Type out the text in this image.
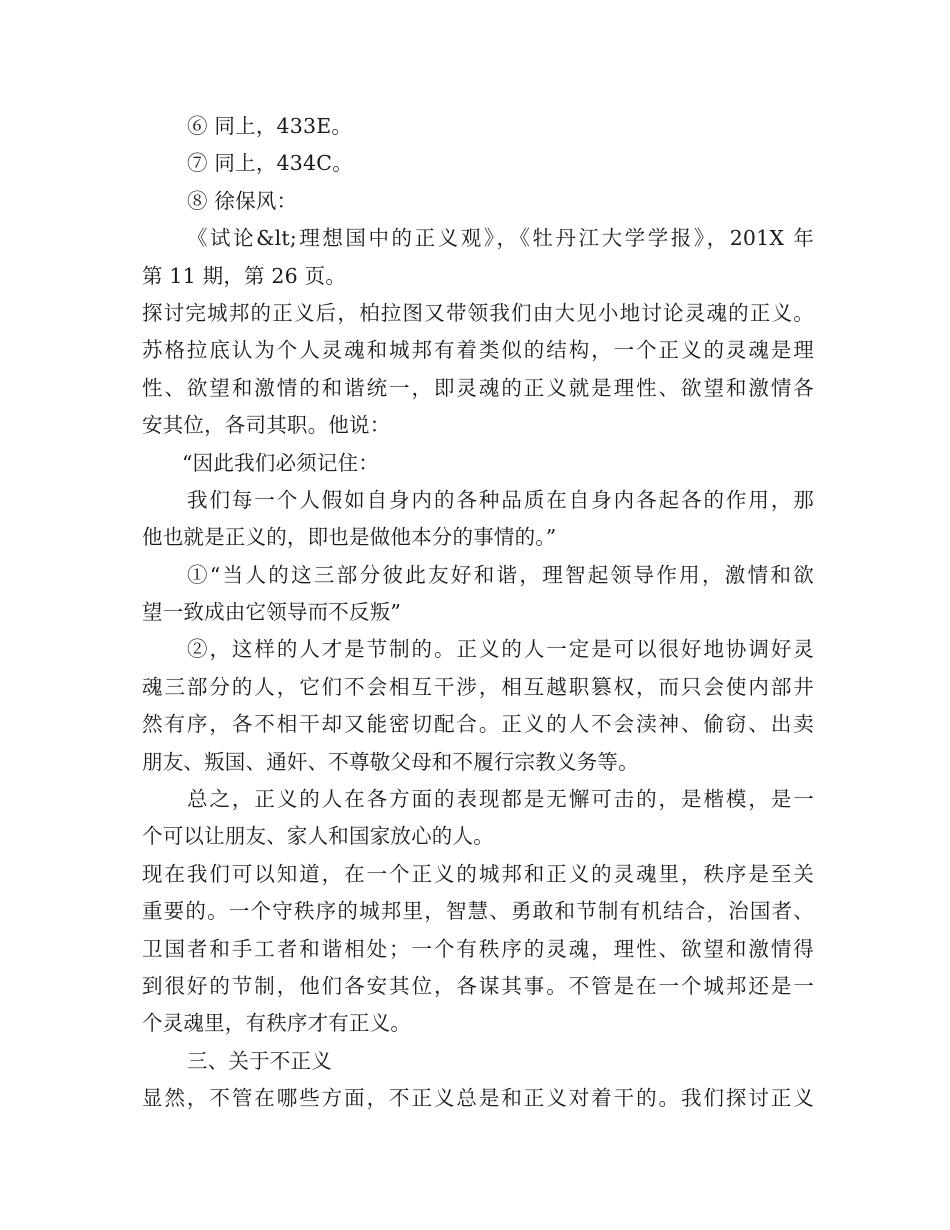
⑥ 同上，433E。
⑦ 同上，434C。
⑧ 徐保风：
《试论&lt;理想国中的正义观》，《牡丹江大学学报》，201X 年
第 11 期，第 26 页。
探讨完城邦的正义后，柏拉图又带领我们由大见小地讨论灵魂的正义。
苏格拉底认为个人灵魂和城邦有着类似的结构，一个正义的灵魂是理
性、欲望和激情的和谐统一，即灵魂的正义就是理性、欲望和激情各
安其位，各司其职。他说：
“因此我们必须记住：
我们每一个人假如自身内的各种品质在自身内各起各的作用，那
他也就是正义的，即也是做他本分的事情的。”
①“当人的这三部分彼此友好和谐，理智起领导作用，激情和欲
望一致成由它领导而不反叛”
②，这样的人才是节制的。正义的人一定是可以很好地协调好灵
魂三部分的人，它们不会相互干涉，相互越职篡权，而只会使内部井
然有序，各不相干却又能密切配合。正义的人不会渎神、偷窃、出卖
朋友、叛国、通奸、不尊敬父母和不履行宗教义务等。
总之，正义的人在各方面的表现都是无懈可击的，是楷模，是一
个可以让朋友、家人和国家放心的人。
现在我们可以知道，在一个正义的城邦和正义的灵魂里，秩序是至关
重要的。一个守秩序的城邦里，智慧、勇敢和节制有机结合，治国者、
卫国者和手工者和谐相处；一个有秩序的灵魂，理性、欲望和激情得
到很好的节制，他们各安其位，各谋其事。不管是在一个城邦还是一
个灵魂里，有秩序才有正义。
三、关于不正义
显然，不管在哪些方面，不正义总是和正义对着干的。我们探讨正义
